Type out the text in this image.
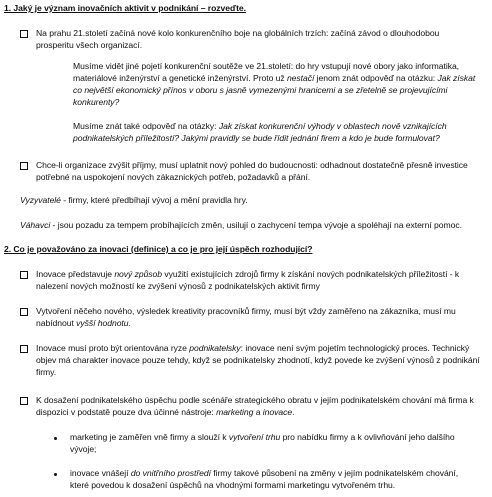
1. Jaký je význam inovačních aktivit v podnikání – rozveďte.
Na prahu 21.století začíná nové kolo konkurenčního boje na globálních trzích: začíná závod o dlouhodobou
prosperitu všech organizací.
Musíme vidět jiné pojetí konkurenční soutěže ve 21.století: do hry vstupují nové obory jako informatika,
materiálové inženýrství a genetické inženýrství. Proto už nestačí jenom znát odpověď na otázku: Jak získat
co největší ekonomický přínos v oboru s jasně vymezenými hranicemi a se zřetelně se projevujícími
konkurenty?
Musíme znát také odpověď na otázky: Jak získat konkurenční výhody v oblastech nově vznikajících
podnikatelských příležitostí? Jakými pravidly se bude řídit jednání firem a kdo je bude formulovat?
Chce-li organizace zvýšit příjmy, musí uplatnit nový pohled do budoucnosti: odhadnout dostatečně přesně investice
potřebné na uspokojení nových zákaznických potřeb, požadavků a přání.
Vyzyvatelé - firmy, které předbíhají vývoj a mění pravidla hry.
Váhavci - jsou pozadu za tempem probíhajících změn, usilují o zachycení tempa vývoje a spoléhají na externí pomoc.
2. Co je považováno za inovaci (definice) a co je pro její úspěch rozhodující?
Inovace představuje nový způsob využití existujících zdrojů firmy k získání nových podnikatelských příležitostí - k
nalezení nových možností ke zvýšení výnosů z podnikatelských aktivit firmy
Vytvoření něčeho nového, výsledek kreativity pracovníků firmy, musí být vždy zaměřeno na zákazníka, musí mu
nabídnout vyšší hodnotu.
Inovace musí proto být orientována ryze podnikatelsky: inovace není svým pojetím technologický proces. Technický
objev má charakter inovace pouze tehdy, když se podnikatelsky zhodnotí, když povede ke zvýšení výnosů z podnikání
firmy.
K dosažení podnikatelského úspěchu podle scénáře strategického obratu v jejím podnikatelském chování má firma k
dispozici v podstatě pouze dva účinné nástroje: marketing a inovace.
marketing je zaměřen vně firmy a slouží k vytvoření trhu pro nabídku firmy a k ovlivňování jeho dalšího
vývoje;
inovace vnášejí do vnitřního prostředí firmy takové působení na změny v jejím podnikatelském chování,
které povedou k dosažení úspěchů na vhodnými formami marketingu vytvořeném trhu.
